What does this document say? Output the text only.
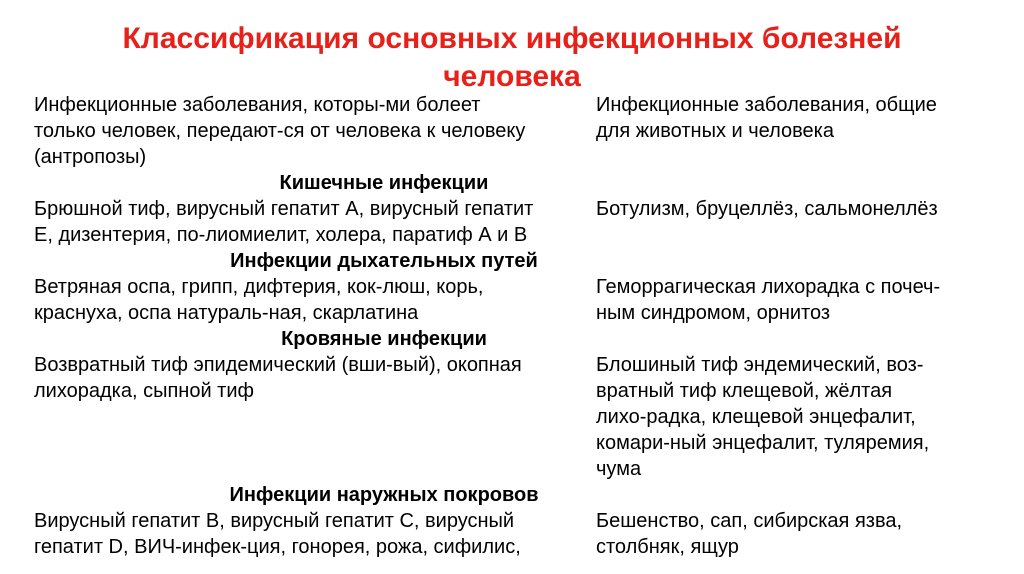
Классификация основных инфекционных болезней
человека
Инфекционные заболевания, которы-ми болеет
только человек, передают-ся от человека к человеку
(антропозы)
Инфекционные заболевания, общие
для животных и человека
Кишечные инфекции
Брюшной тиф, вирусный гепатит А, вирусный гепатит
Е, дизентерия, по-лиомиелит, холера, паратиф А и В
Ботулизм, бруцеллёз, сальмонеллёз
Инфекции дыхательных путей
Ветряная оспа, грипп, дифтерия, кок-люш, корь,
краснуха, оспа натураль-ная, скарлатина
Геморрагическая лихорадка с почеч-
ным синдромом, орнитоз
Кровяные инфекции
Возвратный тиф эпидемический (вши-вый), окопная
лихорадка, сыпной тиф
Блошиный тиф эндемический, воз-
вратный тиф клещевой, жёлтая
лихо-радка, клещевой энцефалит,
комари-ный энцефалит, туляремия,
чума
Инфекции наружных покровов
Вирусный гепатит В, вирусный гепатит С, вирусный
гепатит D, ВИЧ-инфек-ция, гонорея, рожа, сифилис,
Бешенство, сап, сибирская язва,
столбняк, ящур
